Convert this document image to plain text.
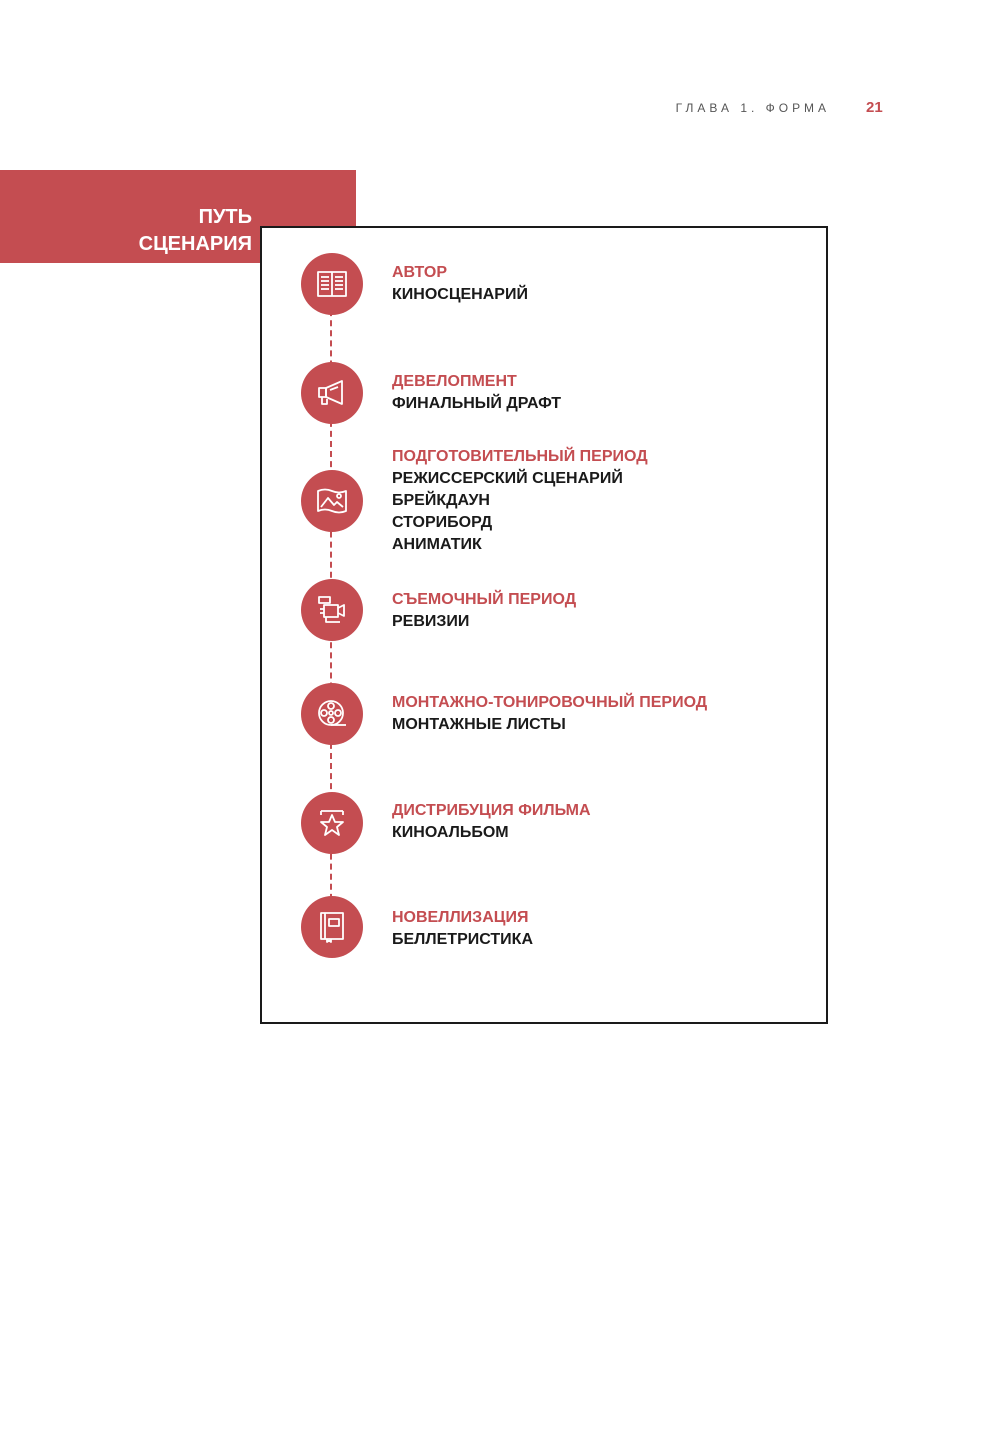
ГЛАВА 1. ФОРМА 21
ПУТЬ
СЦЕНАРИЯ
АВТОР
КИНОСЦЕНАРИЙ
ДЕВЕЛОПМЕНТ
ФИНАЛЬНЫЙ ДРАФТ
ПОДГОТОВИТЕЛЬНЫЙ ПЕРИОД
РЕЖИССЕРСКИЙ СЦЕНАРИЙ
БРЕЙКДАУН
СТОРИБОРД
АНИМАТИК
СЪЕМОЧНЫЙ ПЕРИОД
РЕВИЗИИ
МОНТАЖНО-ТОНИРОВОЧНЫЙ ПЕРИОД
МОНТАЖНЫЕ ЛИСТЫ
ДИСТРИБУЦИЯ ФИЛЬМА
КИНОАЛЬБОМ
НОВЕЛЛИЗАЦИЯ
БЕЛЛЕТРИСТИКА
